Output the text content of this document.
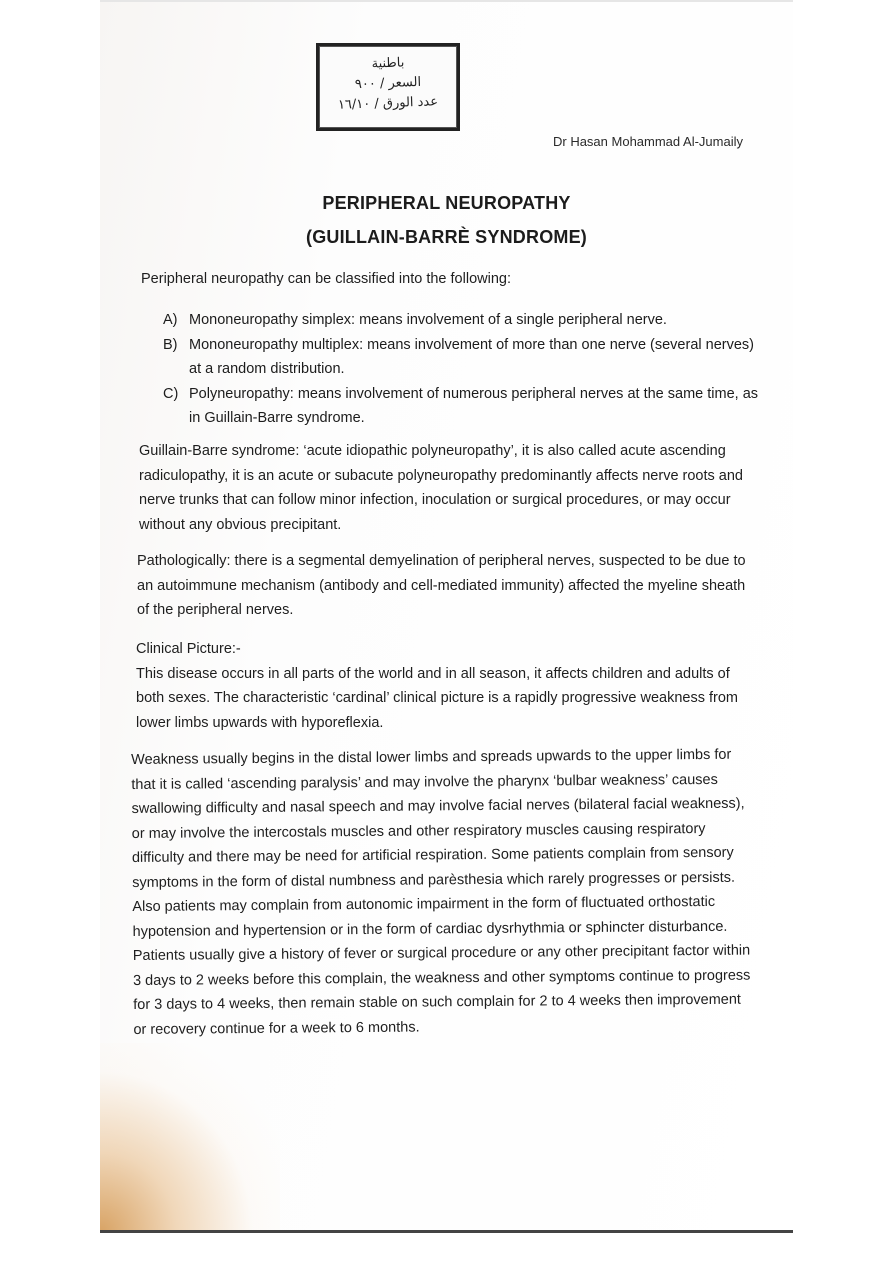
باطنية
السعر / ٩٠٠
عدد الورق / ١٦/١٠
Dr Hasan Mohammad Al-Jumaily
PERIPHERAL NEUROPATHY
(GUILLAIN-BARRÈ SYNDROME)
Peripheral neuropathy can be classified into the following:
A) Mononeuropathy simplex: means involvement of a single peripheral nerve.
B) Mononeuropathy multiplex: means involvement of more than one nerve (several nerves) at a random distribution.
C) Polyneuropathy: means involvement of numerous peripheral nerves at the same time, as in Guillain-Barre syndrome.
Guillain-Barre syndrome: ‘acute idiopathic polyneuropathy’, it is also called acute ascending radiculopathy, it is an acute or subacute polyneuropathy predominantly affects nerve roots and nerve trunks that can follow minor infection, inoculation or surgical procedures, or may occur without any obvious precipitant.
Pathologically: there is a segmental demyelination of peripheral nerves, suspected to be due to an autoimmune mechanism (antibody and cell-mediated immunity) affected the myeline sheath of the peripheral nerves.
Clinical Picture:-
This disease occurs in all parts of the world and in all season, it affects children and adults of both sexes. The characteristic ‘cardinal’ clinical picture is a rapidly progressive weakness from lower limbs upwards with hyporeflexia.
Weakness usually begins in the distal lower limbs and spreads upwards to the upper limbs for that it is called ‘ascending paralysis’ and may involve the pharynx ‘bulbar weakness’ causes swallowing difficulty and nasal speech and may involve facial nerves (bilateral facial weakness), or may involve the intercostals muscles and other respiratory muscles causing respiratory difficulty and there may be need for artificial respiration. Some patients complain from sensory symptoms in the form of distal numbness and parèsthesia which rarely progresses or persists. Also patients may complain from autonomic impairment in the form of fluctuated orthostatic hypotension and hypertension or in the form of cardiac dysrhythmia or sphincter disturbance. Patients usually give a history of fever or surgical procedure or any other precipitant factor within 3 days to 2 weeks before this complain, the weakness and other symptoms continue to progress for 3 days to 4 weeks, then remain stable on such complain for 2 to 4 weeks then improvement or recovery continue for a week to 6 months.
